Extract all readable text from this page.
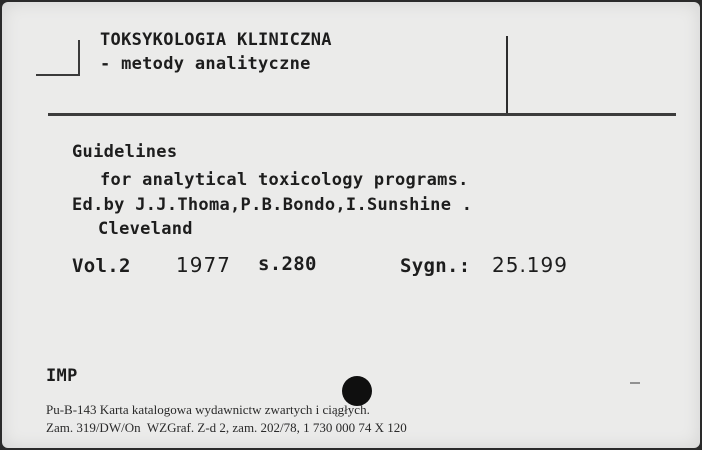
TOKSYKOLOGIA KLINICZNA
- metody analityczne
Guidelines
for analytical toxicology programs.
Ed.by J.J.Thoma,P.B.Bondo,I.Sunshine .
Cleveland
Vol.2 1977 s.280	Sygn.: 25.199
IMP
Pu-B-143 Karta katalogowa wydawnictw zwartych i ciągłych.
Zam. 319/DW/On  WZGraf. Z-d 2, zam. 202/78, 1 730 000 74 X 120
